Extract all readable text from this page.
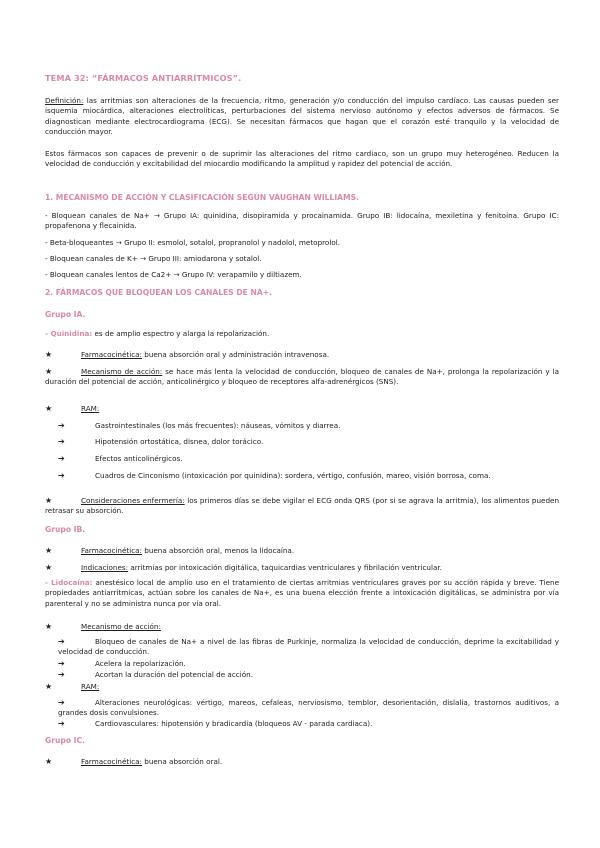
TEMA 32: “FÁRMACOS ANTIARRÍTMICOS”.
Definición: las arritmias son alteraciones de la frecuencia, ritmo, generación y/o conducción del impulso cardíaco. Las causas pueden ser isquemia miocárdica, alteraciones electrolíticas, perturbaciones del sistema nervioso autónomo y efectos adversos de fármacos. Se diagnostican mediante electrocardiograma (ECG). Se necesitan fármacos que hagan que el corazón esté tranquilo y la velocidad de conducción mayor.
Estos fármacos son capaces de prevenir o de suprimir las alteraciones del ritmo cardiaco, son un grupo muy heterogéneo. Reducen la velocidad de conducción y excitabilidad del miocardio modificando la amplitud y rapidez del potencial de acción.
1. MECANISMO DE ACCIÓN Y CLASIFICACIÓN SEGÚN VAUGHAN WILLIAMS.
- Bloquean canales de Na+ → Grupo IA: quinidina, disopiramida y procainamida. Grupo IB: lidocaína, mexiletina y fenitoína. Grupo IC: propafenona y flecainida.
- Beta-bloqueantes → Grupo II: esmolol, sotalol, propranolol y nadolol, metoprolol.
- Bloquean canales de K+ → Grupo III: amiodarona y sotalol.
- Bloquean canales lentos de Ca2+ → Grupo IV: verapamilo y diltiazem.
2. FÁRMACOS QUE BLOQUEAN LOS CANALES DE NA+.
Grupo IA.
- Quinidina: es de amplio espectro y alarga la repolarización.
★	Farmacocinética: buena absorción oral y administración intravenosa.
★	Mecanismo de acción: se hace más lenta la velocidad de conducción, bloqueo de canales de Na+, prolonga la repolarización y la duración del potencial de acción, anticolinérgico y bloqueo de receptores alfa-adrenérgicos (SNS).
★	RAM:
➔	Gastrointestinales (los más frecuentes): náuseas, vómitos y diarrea.
➔	Hipotensión ortostática, disnea, dolor torácico.
➔	Efectos anticolinérgicos.
➔	Cuadros de Cinconismo (intoxicación por quinidina): sordera, vértigo, confusión, mareo, visión borrosa, coma.
★	Consideraciones enfermería: los primeros días se debe vigilar el ECG onda QRS (por si se agrava la arritmia), los alimentos pueden retrasar su absorción.
Grupo IB.
★	Farmacocinética: buena absorción oral, menos la lidocaína.
★	Indicaciones: arritmias por intoxicación digitálica, taquicardias ventriculares y fibrilación ventricular.
- Lidocaína: anestésico local de amplio uso en el tratamiento de ciertas arritmias ventriculares graves por su acción rápida y breve. Tiene propiedades antiarrítmicas, actúan sobre los canales de Na+, es una buena elección frente a intoxicación digitálicas, se administra por vía parenteral y no se administra nunca por vía oral.
★	Mecanismo de acción:
➔	Bloqueo de canales de Na+ a nivel de las fibras de Purkinje, normaliza la velocidad de conducción, deprime la excitabilidad y velocidad de conducción.
➔	Acelera la repolarización.
➔	Acortan la duración del potencial de acción.
★	RAM:
➔	Alteraciones neurológicas: vértigo, mareos, cefaleas, nerviosismo, temblor, desorientación, dislalia, trastornos auditivos, a grandes dosis convulsiones.
➔	Cardiovasculares: hipotensión y bradicardia (bloqueos AV - parada cardiaca).
Grupo IC.
★	Farmacocinética: buena absorción oral.
